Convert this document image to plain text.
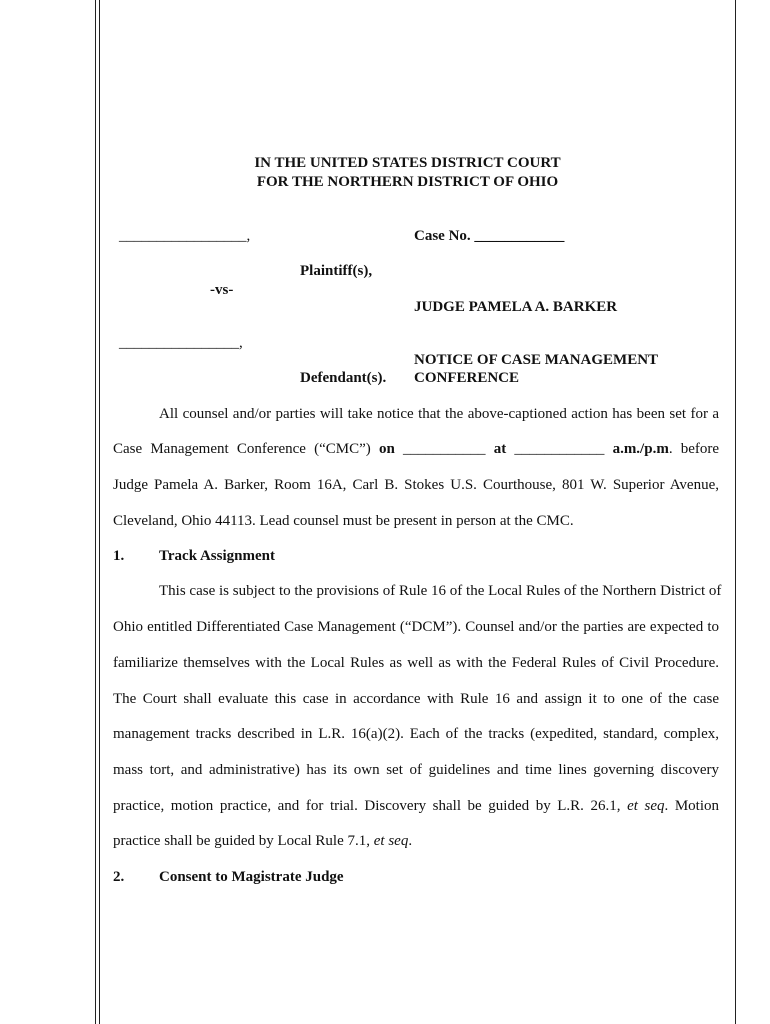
IN THE UNITED STATES DISTRICT COURT
FOR THE NORTHERN DISTRICT OF OHIO
_________________,
Plaintiff(s),
-vs-
________________,
Defendant(s).
Case No. ____________
JUDGE PAMELA A. BARKER
NOTICE OF CASE MANAGEMENT
CONFERENCE
All counsel and/or parties will take notice that the above-captioned action has been set for a
Case Management Conference (“CMC”) on ___________ at ____________ a.m./p.m. before
Judge Pamela A. Barker, Room 16A, Carl B. Stokes U.S. Courthouse, 801 W. Superior Avenue,
Cleveland, Ohio 44113. Lead counsel must be present in person at the CMC.
1. Track Assignment
This case is subject to the provisions of Rule 16 of the Local Rules of the Northern District of
Ohio entitled Differentiated Case Management (“DCM”). Counsel and/or the parties are expected to
familiarize themselves with the Local Rules as well as with the Federal Rules of Civil Procedure.
The Court shall evaluate this case in accordance with Rule 16 and assign it to one of the case
management tracks described in L.R. 16(a)(2). Each of the tracks (expedited, standard, complex,
mass tort, and administrative) has its own set of guidelines and time lines governing discovery
practice, motion practice, and for trial. Discovery shall be guided by L.R. 26.1, et seq. Motion
practice shall be guided by Local Rule 7.1, et seq.
2. Consent to Magistrate Judge
